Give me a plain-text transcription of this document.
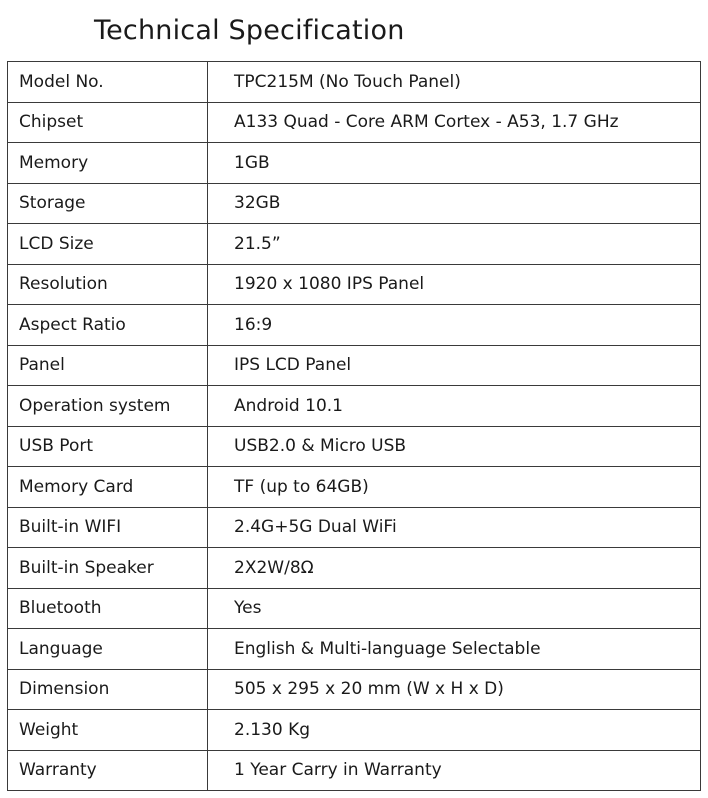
Technical Specification
Model No.	TPC215M (No Touch Panel)
Chipset	A133 Quad - Core ARM Cortex - A53, 1.7 GHz
Memory	1GB
Storage	32GB
LCD Size	21.5”
Resolution	1920 x 1080 IPS Panel
Aspect Ratio	16:9
Panel	IPS LCD Panel
Operation system	Android 10.1
USB Port	USB2.0 & Micro USB
Memory Card	TF (up to 64GB)
Built-in WIFI	2.4G+5G Dual WiFi
Built-in Speaker	2X2W/8Ω
Bluetooth	Yes
Language	English & Multi-language Selectable
Dimension	505 x 295 x 20 mm (W x H x D)
Weight	2.130 Kg
Warranty	1 Year Carry in Warranty
